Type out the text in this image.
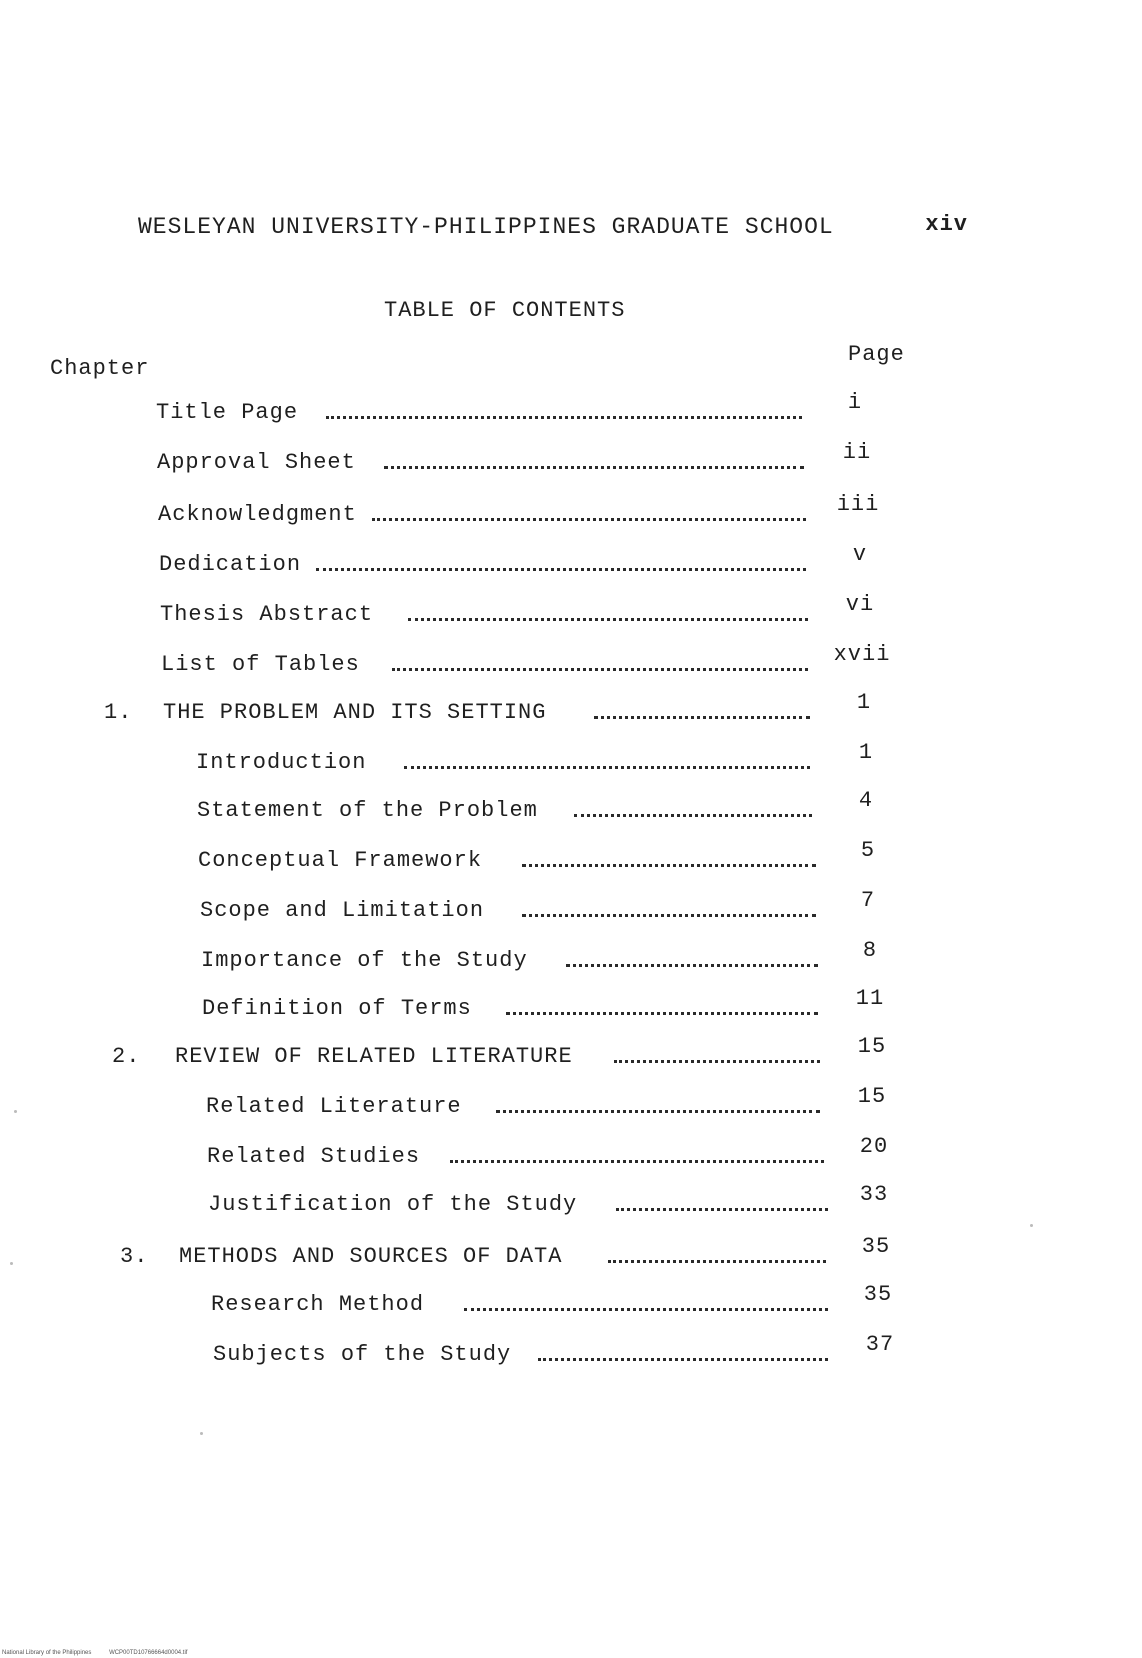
WESLEYAN UNIVERSITY-PHILIPPINES GRADUATE SCHOOL	xiv
TABLE OF CONTENTS
Chapter
Page
Title Page	i
Approval Sheet	ii
Acknowledgment	iii
Dedication	v
Thesis Abstract	vi
List of Tables	xvii
1. THE PROBLEM AND ITS SETTING	1
Introduction	1
Statement of the Problem	4
Conceptual Framework	5
Scope and Limitation	7
Importance of the Study	8
Definition of Terms	11
2. REVIEW OF RELATED LITERATURE	15
Related Literature	15
Related Studies	20
Justification of the Study	33
3. METHODS AND SOURCES OF DATA	35
Research Method	35
Subjects of the Study	37
National Library of the Philippines	WCP00TD10766664d0004.tif
